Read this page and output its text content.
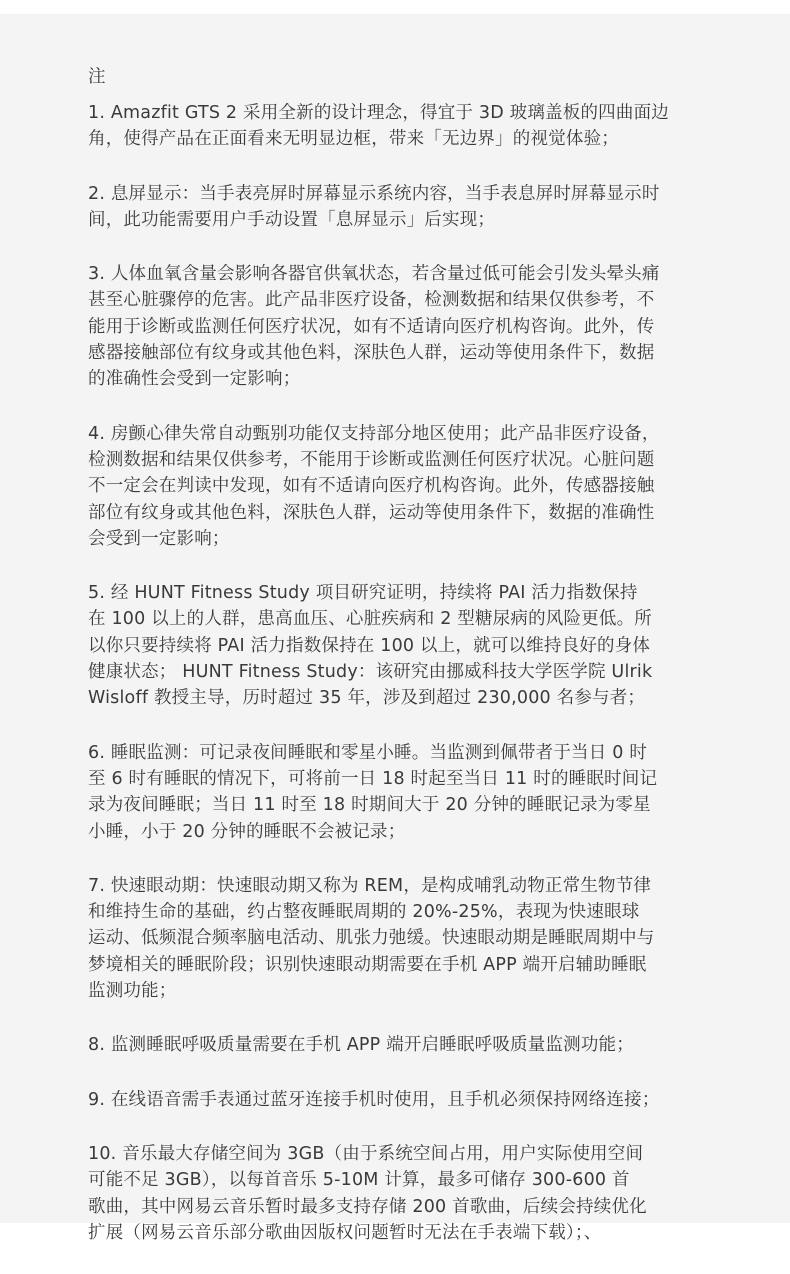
注
1. Amazfit GTS 2 采用全新的设计理念，得宜于 3D 玻璃盖板的四曲面边
角，使得产品在正面看来无明显边框，带来「无边界」的视觉体验；
2. 息屏显示：当手表亮屏时屏幕显示系统内容，当手表息屏时屏幕显示时
间，此功能需要用户手动设置「息屏显示」后实现；
3. 人体血氧含量会影响各器官供氧状态，若含量过低可能会引发头晕头痛
甚至心脏骤停的危害。此产品非医疗设备，检测数据和结果仅供参考，不
能用于诊断或监测任何医疗状况，如有不适请向医疗机构咨询。此外，传
感器接触部位有纹身或其他色料，深肤色人群，运动等使用条件下，数据
的准确性会受到一定影响；
4. 房颤心律失常自动甄别功能仅支持部分地区使用；此产品非医疗设备，
检测数据和结果仅供参考，不能用于诊断或监测任何医疗状况。心脏问题
不一定会在判读中发现，如有不适请向医疗机构咨询。此外，传感器接触
部位有纹身或其他色料，深肤色人群，运动等使用条件下，数据的准确性
会受到一定影响；
5. 经 HUNT Fitness Study 项目研究证明，持续将 PAI 活力指数保持
在 100 以上的人群，患高血压、心脏疾病和 2 型糖尿病的风险更低。所
以你只要持续将 PAI 活力指数保持在 100 以上，就可以维持良好的身体
健康状态； HUNT Fitness Study：该研究由挪威科技大学医学院 Ulrik
Wisloff 教授主导，历时超过 35 年，涉及到超过 230,000 名参与者；
6. 睡眠监测：可记录夜间睡眠和零星小睡。当监测到佩带者于当日 0 时
至 6 时有睡眠的情况下，可将前一日 18 时起至当日 11 时的睡眠时间记
录为夜间睡眠；当日 11 时至 18 时期间大于 20 分钟的睡眠记录为零星
小睡，小于 20 分钟的睡眠不会被记录；
7. 快速眼动期：快速眼动期又称为 REM，是构成哺乳动物正常生物节律
和维持生命的基础，约占整夜睡眠周期的 20%-25%，表现为快速眼球
运动、低频混合频率脑电活动、肌张力弛缓。快速眼动期是睡眠周期中与
梦境相关的睡眠阶段；识别快速眼动期需要在手机 APP 端开启辅助睡眠
监测功能；
8. 监测睡眠呼吸质量需要在手机 APP 端开启睡眠呼吸质量监测功能；
9. 在线语音需手表通过蓝牙连接手机时使用，且手机必须保持网络连接；
10. 音乐最大存储空间为 3GB（由于系统空间占用，用户实际使用空间
可能不足 3GB），以每首音乐 5-10M 计算，最多可储存 300-600 首
歌曲，其中网易云音乐暂时最多支持存储 200 首歌曲，后续会持续优化
扩展（网易云音乐部分歌曲因版权问题暂时无法在手表端下载）；、
